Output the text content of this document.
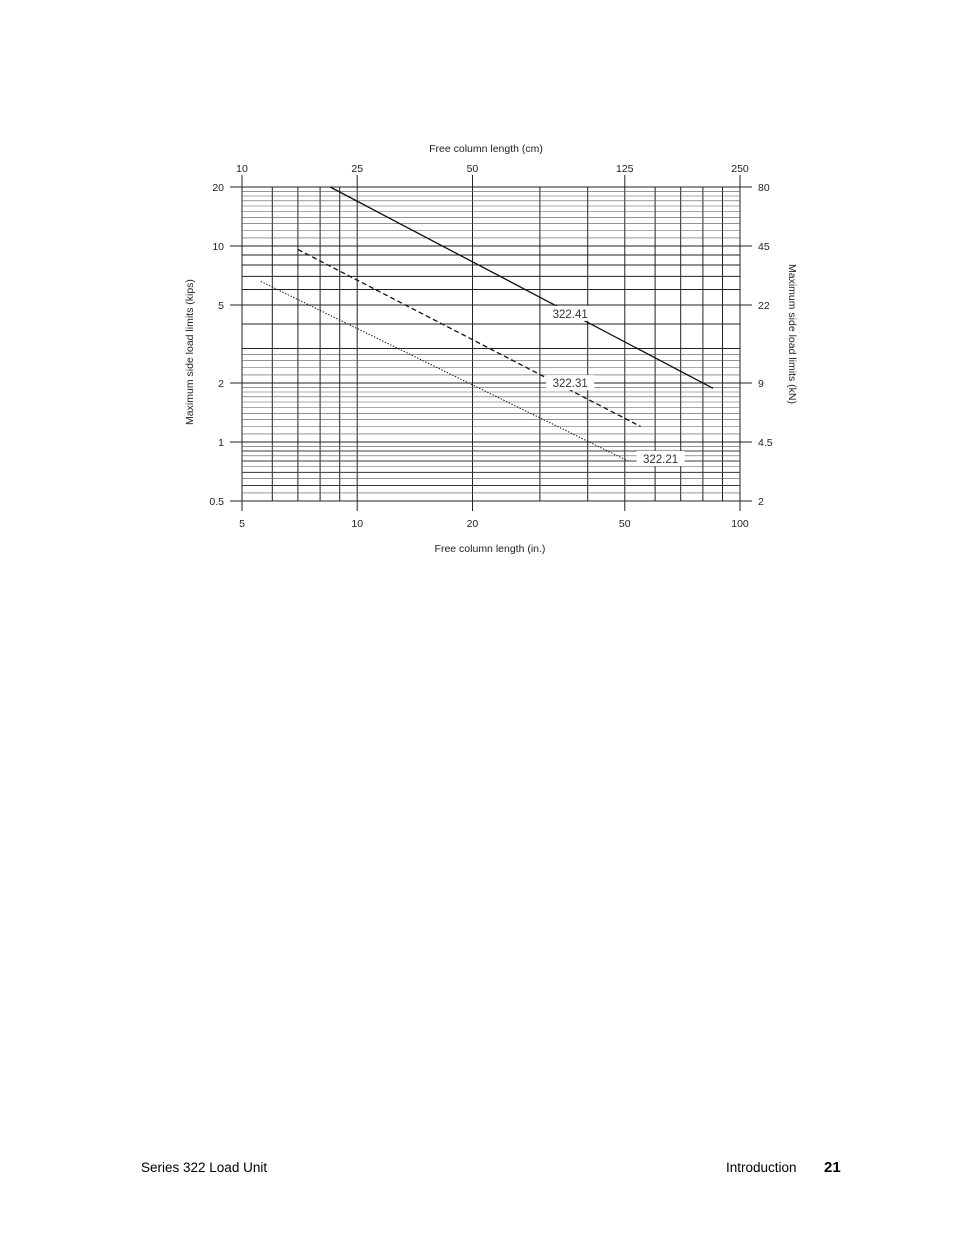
322.41
322.31
322.21
5	10	20	50	100
0.5
1
2
5
10
20
10	25	50	125	250
80
45
22
9
4.5
2
Free column length (cm)
Free column length (in.)
Maximum side load limits (kips)	Maximum side load limits (kN)
Series 322 Load Unit	Introduction 21
